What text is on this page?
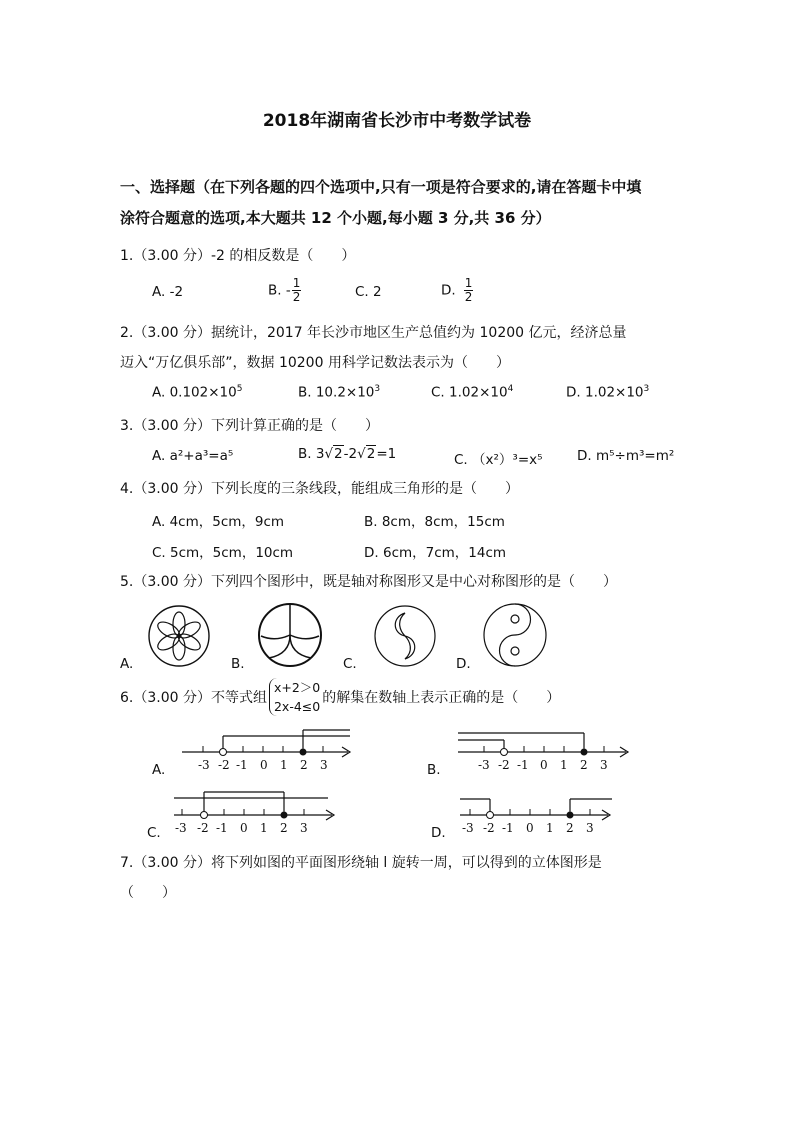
2018年湖南省长沙市中考数学试卷
一、选择题（在下列各题的四个选项中,只有一项是符合要求的,请在答题卡中填
涂符合题意的选项,本大题共 12 个小题,每小题 3 分,共 36 分）
1.（3.00 分）-2 的相反数是（　　）
A. -2	B. - $\frac{1}{2}$	C. 2	D. $\frac{1}{2}$
2.（3.00 分）据统计，2017 年长沙市地区生产总值约为 10200 亿元，经济总量
迈入“万亿俱乐部”，数据 10200 用科学记数法表示为（　　）
A. $0.102\times 10^5$	B. $10.2\times 10^3$	C. $1.02\times 10^4$	D. $1.02\times 10^3$
3.（3.00 分）下列计算正确的是（　　）
A. a²+a³=a⁵	B. 3√2-2√2=1	C. （x²）³=x⁵	D. m⁵÷m³=m²
4.（3.00 分）下列长度的三条线段，能组成三角形的是（　　）
A. 4cm，5cm，9cm	B. 8cm，8cm，15cm
C. 5cm，5cm，10cm	D. 6cm，7cm，14cm
5.（3.00 分）下列四个图形中，既是轴对称图形又是中心对称图形的是（　　）
A.	B.	C.	D.
6.（3.00 分）不等式组
x+2＞0
2x-4≤0
的解集在数轴上表示正确的是（　　）
A.	-3 -2 -1 0 1 2 3	B.	-3 -2 -1 0 1 2 3
C. -3 -2 -1 0 1 2 3	D. -3 -2 -1 0 1 2 3
7.（3.00 分）将下列如图的平面图形绕轴 l 旋转一周，可以得到的立体图形是
（　　）
